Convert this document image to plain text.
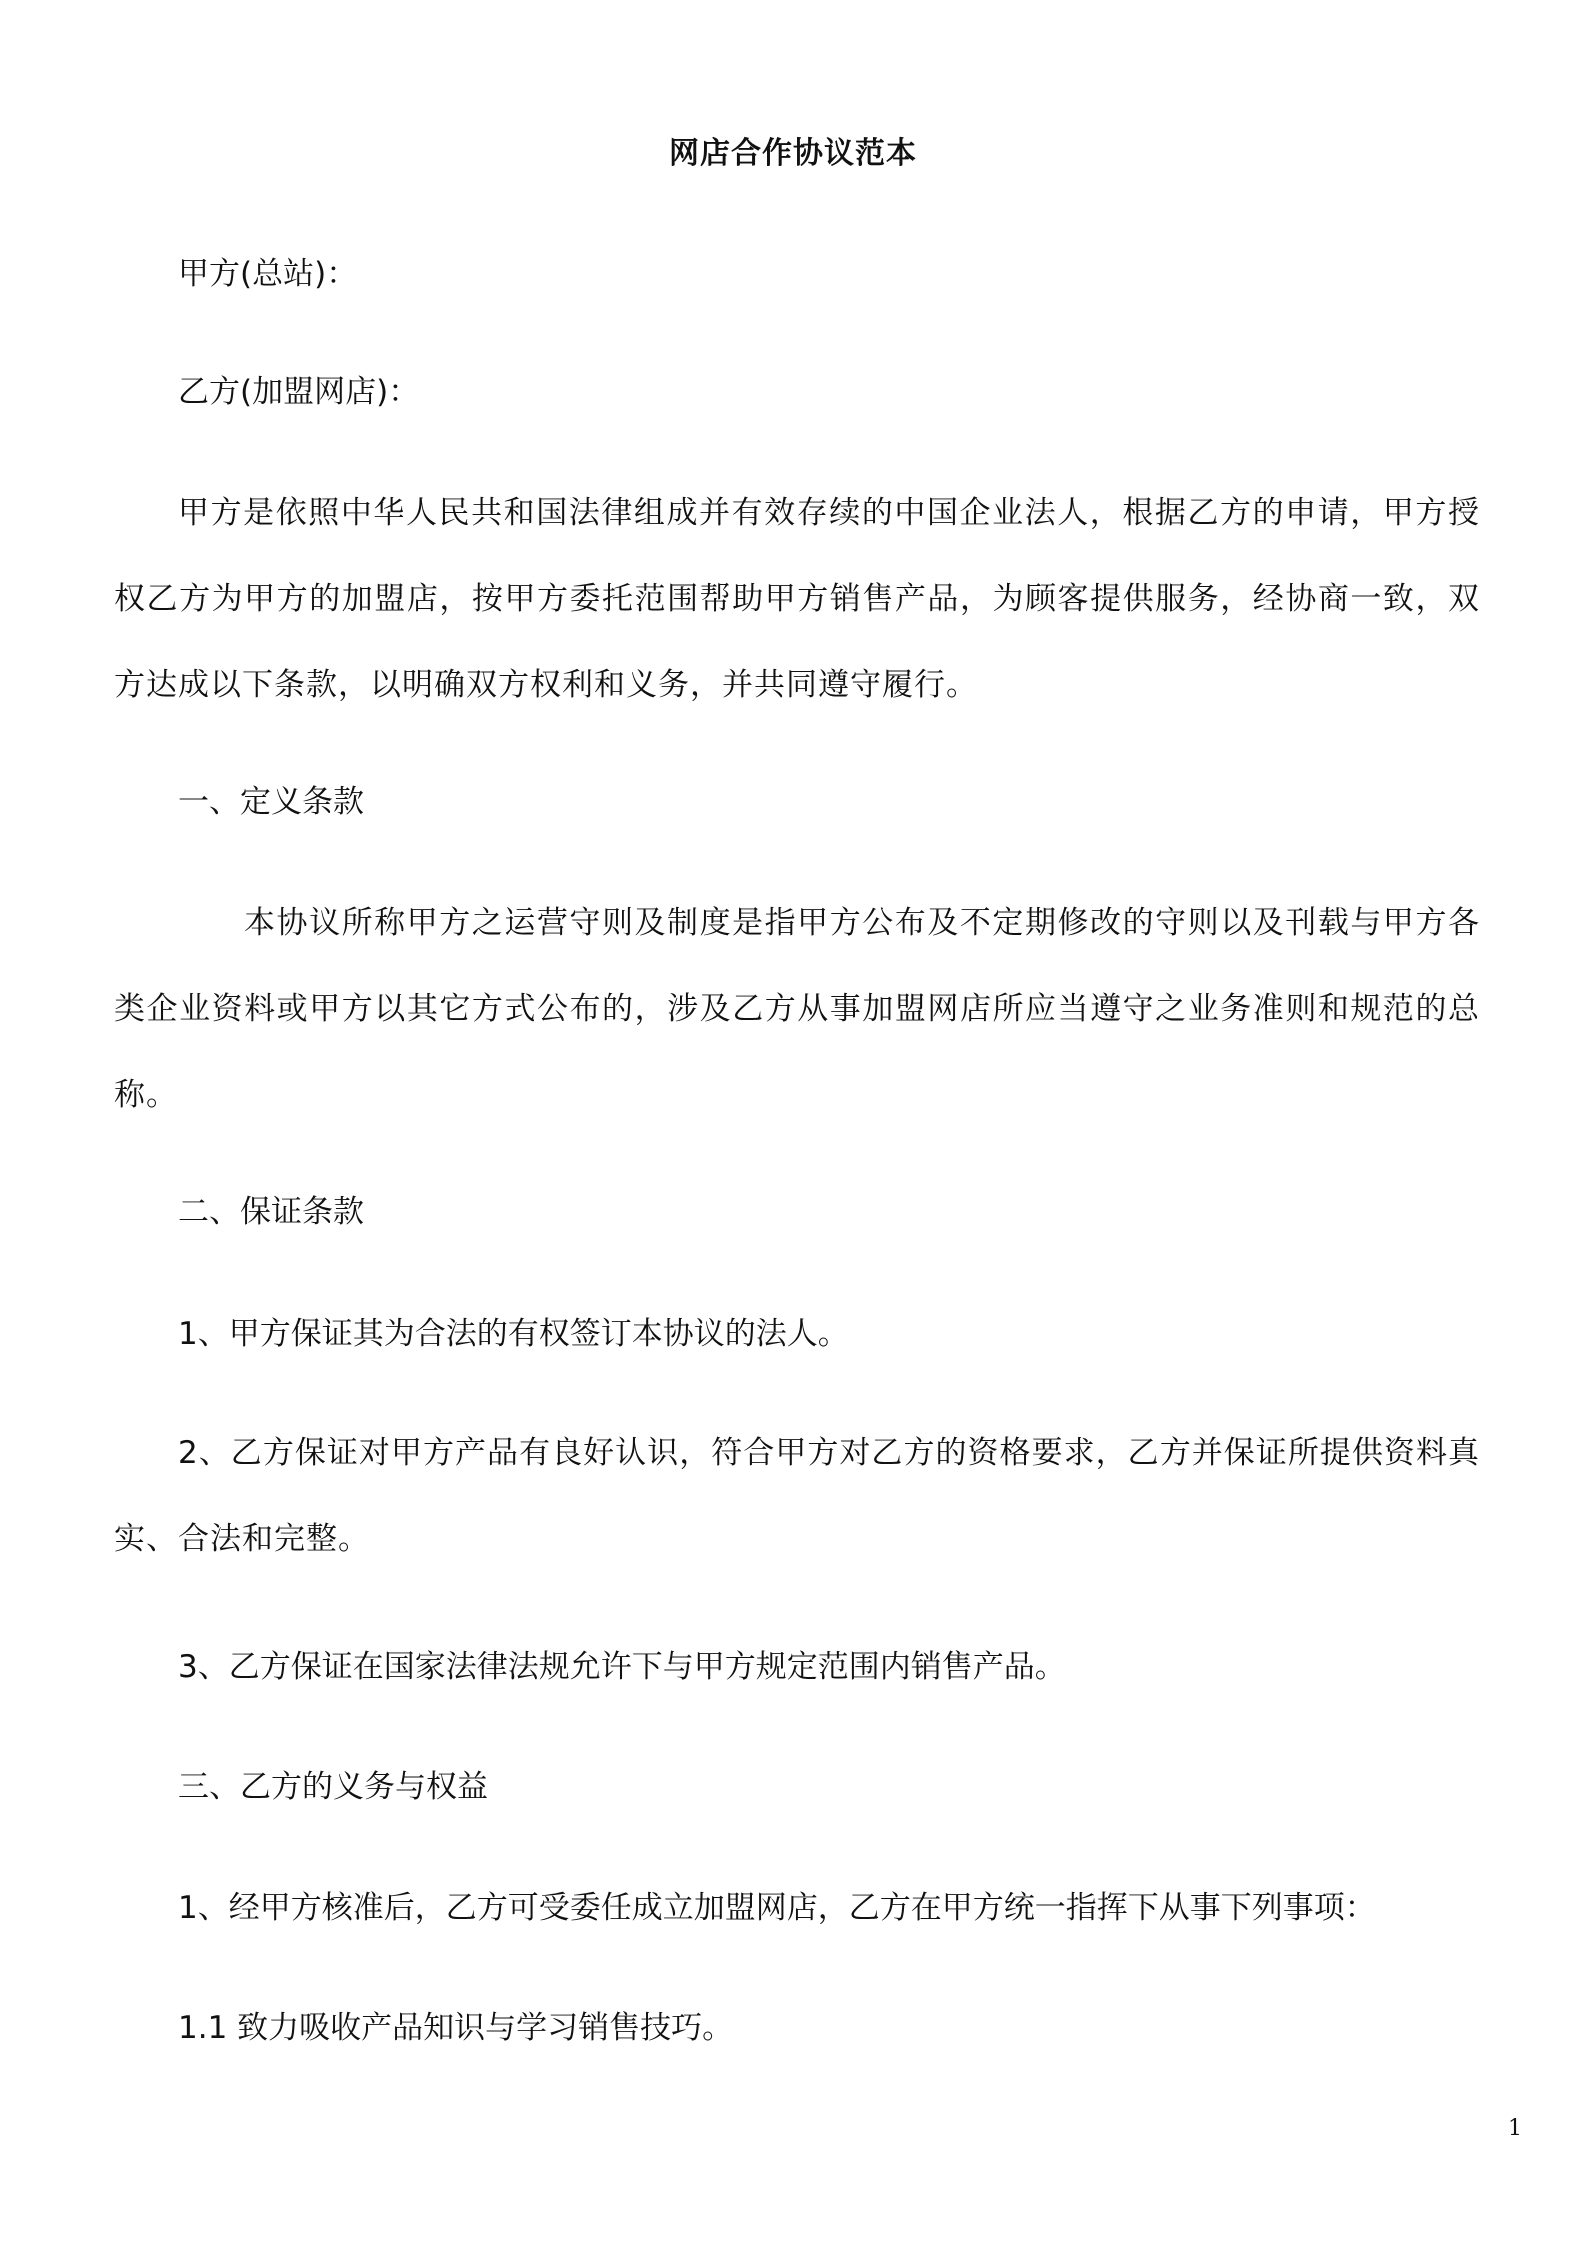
网店合作协议范本
甲方(总站)：
乙方(加盟网店)：
甲方是依照中华人民共和国法律组成并有效存续的中国企业法人，根据乙方的申请，甲方授权乙方为甲方的加盟店，按甲方委托范围帮助甲方销售产品，为顾客提供服务，经协商一致，双方达成以下条款，以明确双方权利和义务，并共同遵守履行。
一、定义条款
本协议所称甲方之运营守则及制度是指甲方公布及不定期修改的守则以及刊载与甲方各类企业资料或甲方以其它方式公布的，涉及乙方从事加盟网店所应当遵守之业务准则和规范的总称。
二、保证条款
1、甲方保证其为合法的有权签订本协议的法人。
2、乙方保证对甲方产品有良好认识，符合甲方对乙方的资格要求，乙方并保证所提供资料真实、合法和完整。
3、乙方保证在国家法律法规允许下与甲方规定范围内销售产品。
三、乙方的义务与权益
1、经甲方核准后，乙方可受委任成立加盟网店，乙方在甲方统一指挥下从事下列事项：
1.1 致力吸收产品知识与学习销售技巧。
1
